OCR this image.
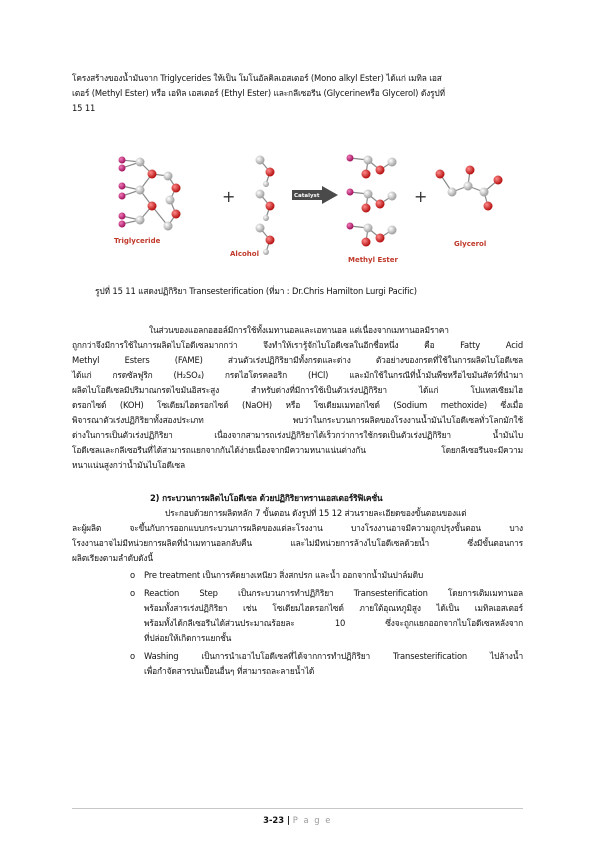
โครงสร้างของน้ำมันจาก Triglycerides ให้เป็น โมโนอัลคิลเอสเตอร์ (Mono alkyl Ester) ได้แก่ เมทิล เอส
เตอร์ (Methyl Ester) หรือ เอทิล เอสเตอร์ (Ethyl Ester) และกลีเซอรีน (Glycerineหรือ Glycerol) ดังรูปที่
15 11
Triglyceride
+
Alcohol
Catalyst
Methyl Ester
+
Glycerol
รูปที่ 15 11 แสดงปฏิกิริยา Transesterification (ที่มา : Dr.Chris Hamilton Lurgi Pacific)
ในส่วนของแอลกอฮอล์มีการใช้ทั้งเมทานอลและเอทานอล แต่เนื่องจากเมทานอลมีราคา
ถูกกว่าจึงมีการใช้ในการผลิตไบโอดีเซลมากกว่า จึงทำให้เรารู้จักไบโอดีเซลในอีกชื่อหนึ่ง คือ Fatty Acid
Methyl Esters (FAME) ส่วนตัวเร่งปฏิกิริยามีทั้งกรดและด่าง ตัวอย่างของกรดที่ใช้ในการผลิตไบโอดีเซล
ได้แก่ กรดซัลฟูริก (H₂SO₄) กรดไฮโดรคลอริก (HCl) และมักใช้ในกรณีที่น้ำมันพืชหรือไขมันสัตว์ที่นำมา
ผลิตไบโอดีเซลมีปริมาณกรดไขมันอิสระสูง สำหรับด่างที่มีการใช้เป็นตัวเร่งปฏิกิริยา ได้แก่ โปแทสเซียมไฮ
ดรอกไซด์ (KOH) โซเดียมไฮดรอกไซด์ (NaOH) หรือ โซเดียมเมทอกไซด์ (Sodium methoxide) ซึ่งเมื่อ
พิจารณาตัวเร่งปฏิกิริยาทั้งสองประเภท พบว่าในกระบวนการผลิตของโรงงานน้ำมันไบโอดีเซลทั่วโลกมักใช้
ด่างในการเป็นตัวเร่งปฏิกิริยา เนื่องจากสามารถเร่งปฏิกิริยาได้เร็วกว่าการใช้กรดเป็นตัวเร่งปฏิกิริยา น้ำมันไบ
โอดีเซลและกลีเซอรีนที่ได้สามารถแยกจากกันได้ง่ายเนื่องจากมีความหนาแน่นต่างกัน โดยกลีเซอรีนจะมีความ
หนาแน่นสูงกว่าน้ำมันไบโอดีเซล
2) กระบวนการผลิตไบโอดีเซล ด้วยปฏิกิริยาทรานเอสเตอร์ริฟิเคชั่น
ประกอบด้วยการผลิตหลัก 7 ขั้นตอน ดังรูปที่ 15 12 ส่วนรายละเอียดของขั้นตอนของแต่
ละผู้ผลิต จะขึ้นกับการออกแบบกระบวนการผลิตของแต่ละโรงงาน บางโรงงานอาจมีความถูกปรุงขั้นตอน บาง
โรงงานอาจไม่มีหน่วยการผลิตที่นำเมทานอลกลับคืน และไม่มีหน่วยการล้างไบโอดีเซลด้วยน้ำ ซึ่งมีขั้นตอนการ
ผลิตเรียงตามลำดับดังนี้
o Pre treatment เป็นการคัดยางเหนียว สิ่งสกปรก และน้ำ ออกจากน้ำมันปาล์มดิบ
o Reaction Step เป็นกระบวนการทำปฏิกิริยา Transesterification โดยการเติมเมทานอล
พร้อมทั้งสารเร่งปฏิกิริยา เช่น โซเดียมไฮดรอกไซด์ ภายใต้อุณหภูมิสูง ได้เป็น เมทิลเอสเตอร์
พร้อมทั้งได้กลีเซอรีนได้ส่วนประมาณร้อยละ 10 ซึ่งจะถูกแยกออกจากไบโอดีเซลหลังจาก
ที่ปล่อยให้เกิดการแยกชั้น
o Washing เป็นการนำเอาไบโอดีเซลที่ได้จากการทำปฏิกิริยา Transesterification ไปล้างน้ำ
เพื่อกำจัดสารปนเปื้อนอื่นๆ ที่สามารถละลายน้ำได้
3-23 | P a g e
